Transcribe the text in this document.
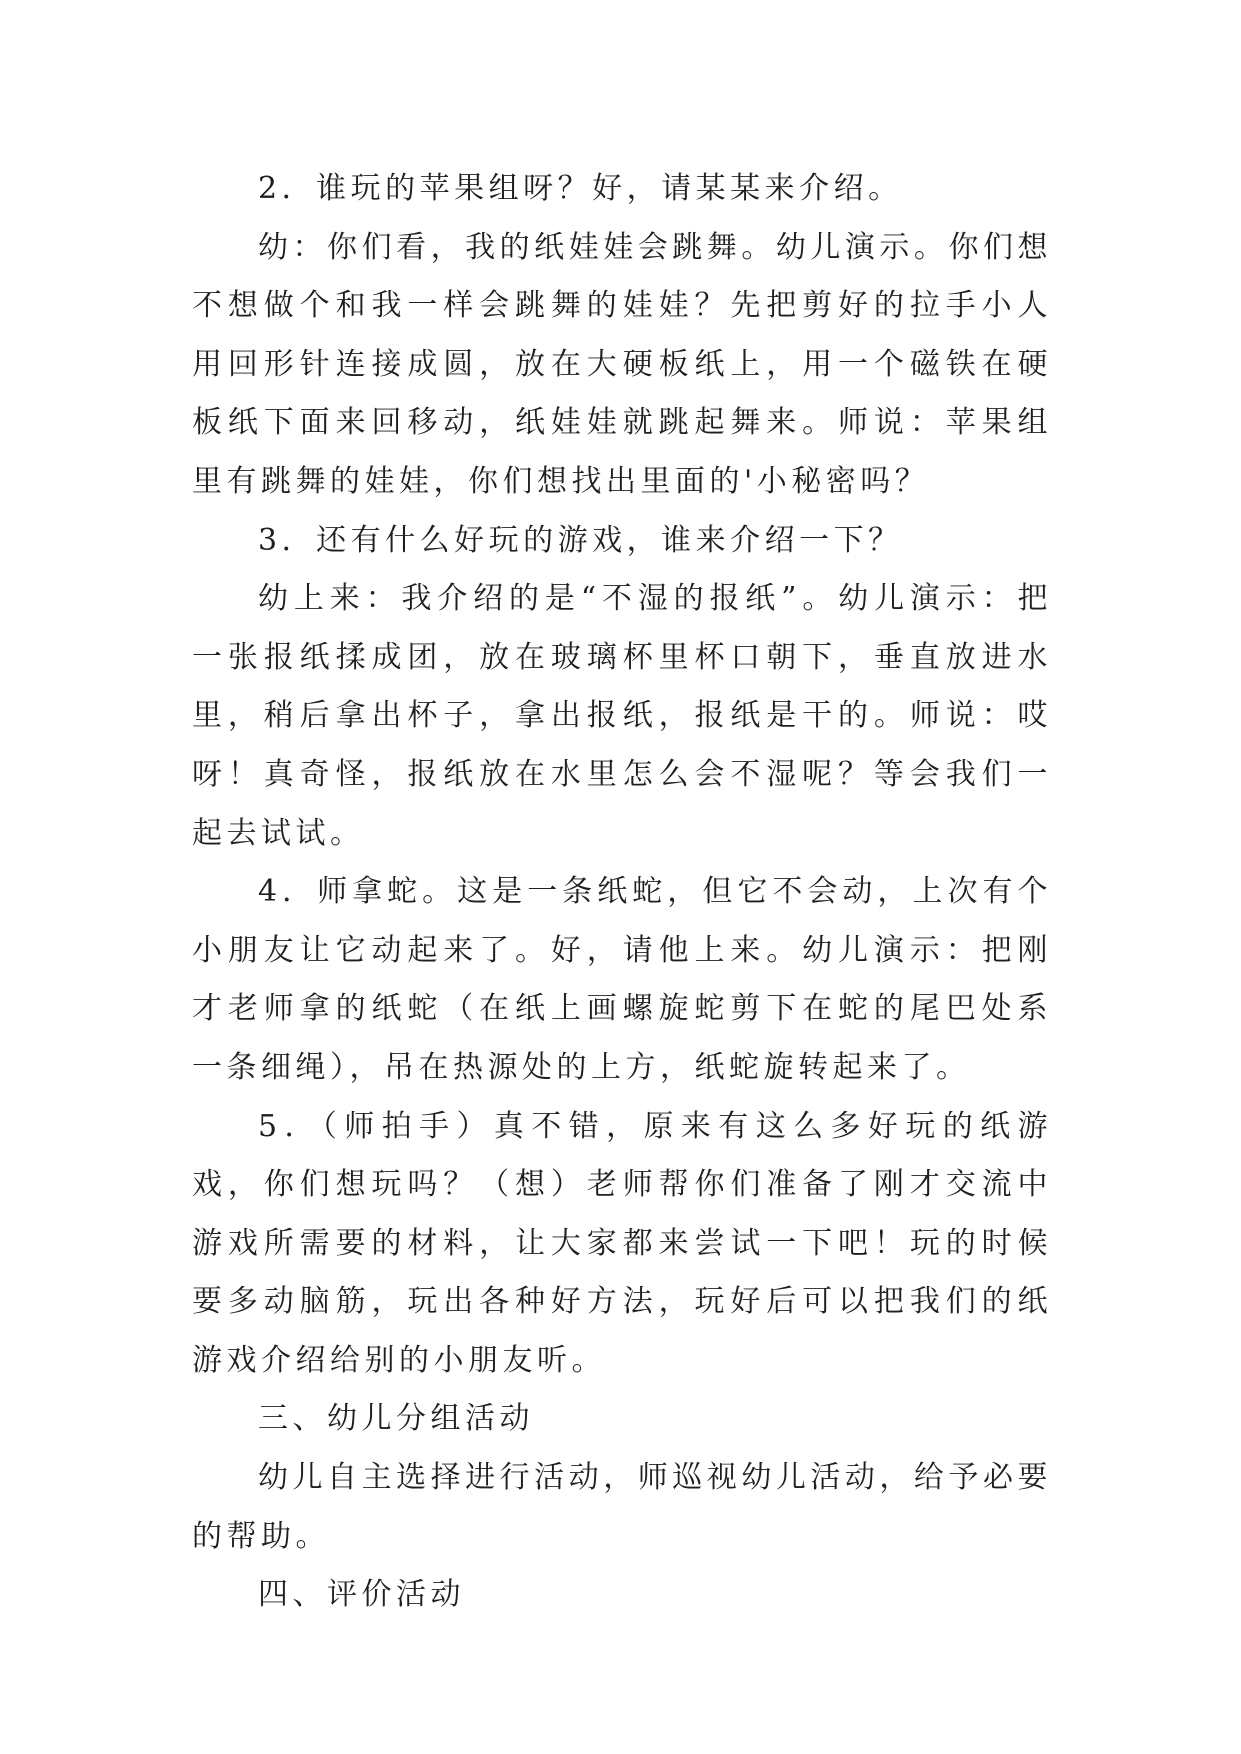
2．谁玩的苹果组呀？好，请某某来介绍。

幼：你们看，我的纸娃娃会跳舞。幼儿演示。你们想不想做个和我一样会跳舞的娃娃？先把剪好的拉手小人用回形针连接成圆，放在大硬板纸上，用一个磁铁在硬板纸下面来回移动，纸娃娃就跳起舞来。师说：苹果组里有跳舞的娃娃，你们想找出里面的'小秘密吗？

3．还有什么好玩的游戏，谁来介绍一下？

幼上来：我介绍的是“不湿的报纸”。幼儿演示：把一张报纸揉成团，放在玻璃杯里杯口朝下，垂直放进水里，稍后拿出杯子，拿出报纸，报纸是干的。师说：哎呀！真奇怪，报纸放在水里怎么会不湿呢？等会我们一起去试试。

4．师拿蛇。这是一条纸蛇，但它不会动，上次有个小朋友让它动起来了。好，请他上来。幼儿演示：把刚才老师拿的纸蛇（在纸上画螺旋蛇剪下在蛇的尾巴处系一条细绳），吊在热源处的上方，纸蛇旋转起来了。

5．（师拍手）真不错，原来有这么多好玩的纸游戏，你们想玩吗？（想）老师帮你们准备了刚才交流中游戏所需要的材料，让大家都来尝试一下吧！玩的时候要多动脑筋，玩出各种好方法，玩好后可以把我们的纸游戏介绍给别的小朋友听。

三、幼儿分组活动

幼儿自主选择进行活动，师巡视幼儿活动，给予必要的帮助。

四、评价活动
